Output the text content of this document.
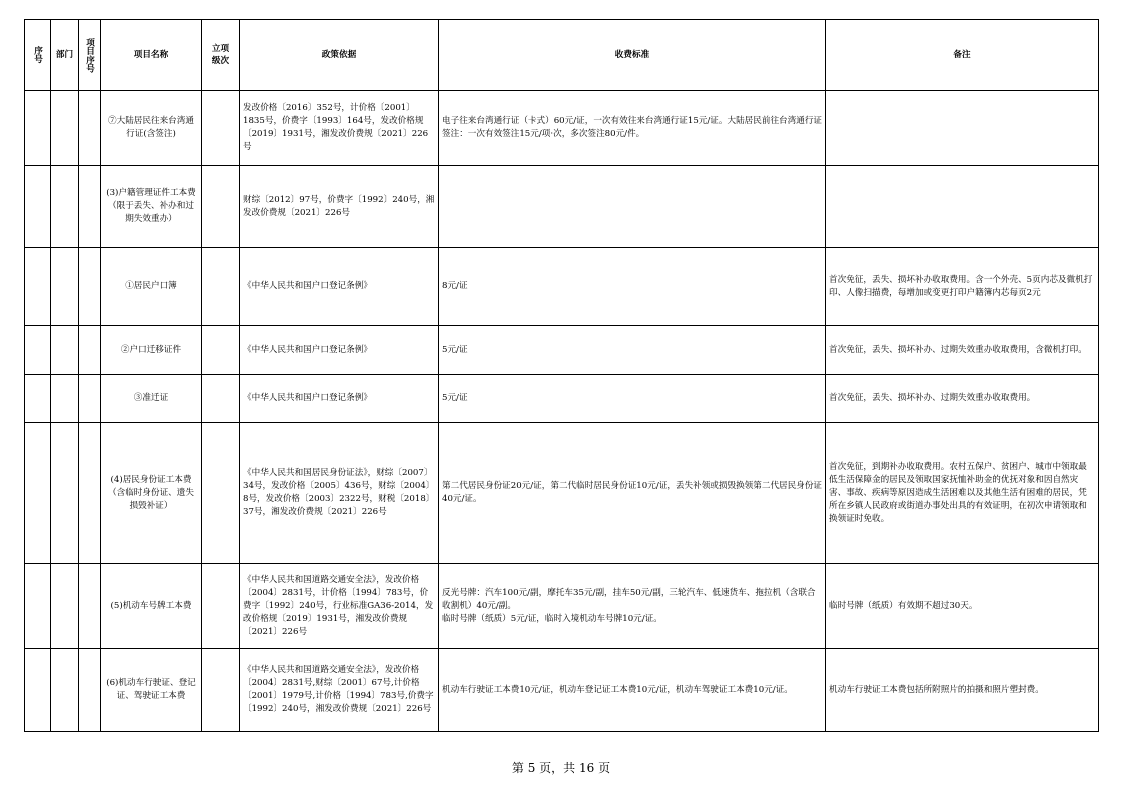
序号	部门	项目序号	项目名称	立项级次	政策依据	收费标准	备注
			⑦大陆居民往来台湾通行证(含签注)		发改价格〔2016〕352号，计价格〔2001〕1835号，价费字〔1993〕164号，发改价格规〔2019〕1931号，湘发改价费规〔2021〕226号	电子往来台湾通行证（卡式）60元/证，一次有效往来台湾通行证15元/证。大陆居民前往台湾通行证签注：一次有效签注15元/项·次，多次签注80元/件。	
			(3)户籍管理证件工本费（限于丢失、补办和过期失效重办）		财综〔2012〕97号，价费字〔1992〕240号，湘发改价费规〔2021〕226号		
			①居民户口簿		《中华人民共和国户口登记条例》	8元/证	首次免征，丢失、损坏补办收取费用。含一个外壳、5页内芯及微机打印、人像扫描费，每增加或变更打印户籍簿内芯每页2元
			②户口迁移证件		《中华人民共和国户口登记条例》	5元/证	首次免征，丢失、损坏补办、过期失效重办收取费用，含微机打印。
			③准迁证		《中华人民共和国户口登记条例》	5元/证	首次免征，丢失、损坏补办、过期失效重办收取费用。
			(4)居民身份证工本费（含临时身份证、遗失损毁补证）		《中华人民共和国居民身份证法》，财综〔2007〕34号，发改价格〔2005〕436号，财综〔2004〕8号，发改价格〔2003〕2322号，财税〔2018〕37号，湘发改价费规〔2021〕226号	第二代居民身份证20元/证，第二代临时居民身份证10元/证，丢失补领或损毁换领第二代居民身份证40元/证。	首次免征，到期补办收取费用。农村五保户、贫困户、城市中领取最低生活保障金的居民及领取国家抚恤补助金的优抚对象和因自然灾害、事故、疾病等原因造成生活困难以及其他生活有困难的居民，凭所在乡镇人民政府或街道办事处出具的有效证明，在初次申请领取和换领证时免收。
			(5)机动车号牌工本费		《中华人民共和国道路交通安全法》，发改价格〔2004〕2831号，计价格〔1994〕783号，价费字〔1992〕240号，行业标准GA36-2014，发改价格规〔2019〕1931号，湘发改价费规〔2021〕226号	反光号牌：汽车100元/副，摩托车35元/副，挂车50元/副，三轮汽车、低速货车、拖拉机（含联合收割机）40元/副。
临时号牌（纸质）5元/证，临时入境机动车号牌10元/证。	临时号牌（纸质）有效期不超过30天。
			(6)机动车行驶证、登记证、驾驶证工本费		《中华人民共和国道路交通安全法》，发改价格〔2004〕2831号,财综〔2001〕67号,计价格〔2001〕1979号,计价格〔1994〕783号,价费字〔1992〕240号，湘发改价费规〔2021〕226号	机动车行驶证工本费10元/证，机动车登记证工本费10元/证，机动车驾驶证工本费10元/证。	机动车行驶证工本费包括所附照片的拍摄和照片塑封费。
第 5 页，共 16 页
